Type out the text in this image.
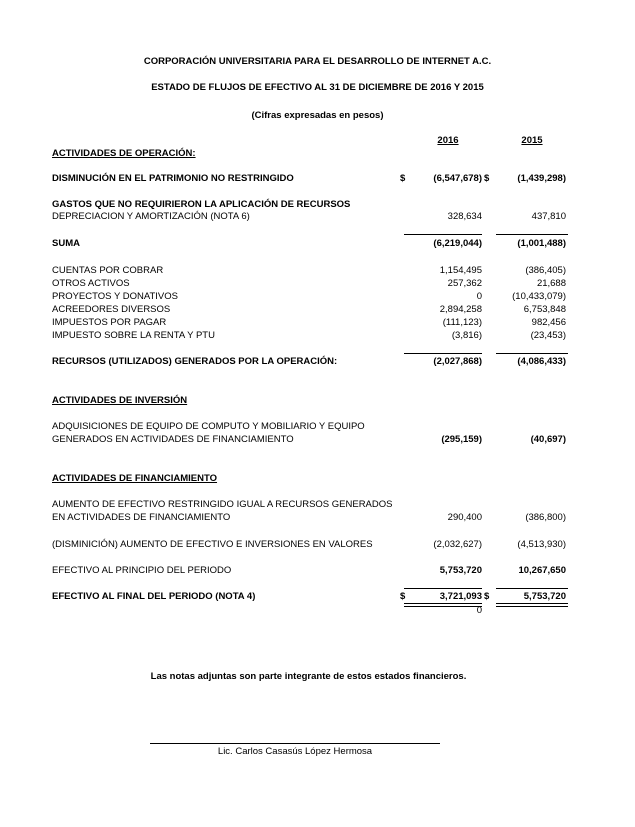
CORPORACIÓN UNIVERSITARIA PARA EL DESARROLLO DE INTERNET A.C.
ESTADO DE FLUJOS DE EFECTIVO AL 31 DE DICIEMBRE DE 2016 Y 2015
(Cifras expresadas en pesos)
2016	2015
ACTIVIDADES DE OPERACIÓN:
DISMINUCIÓN EN EL PATRIMONIO NO RESTRINGIDO	$	(6,547,678) $	(1,439,298)
GASTOS QUE NO REQUIRIERON LA APLICACIÓN DE RECURSOS
DEPRECIACION Y AMORTIZACIÓN (NOTA 6)	328,634	437,810
SUMA	(6,219,044)	(1,001,488)
CUENTAS POR COBRAR	1,154,495	(386,405)
OTROS ACTIVOS	257,362	21,688
PROYECTOS Y DONATIVOS	0	(10,433,079)
ACREEDORES DIVERSOS	2,894,258	6,753,848
IMPUESTOS POR PAGAR	(111,123)	982,456
IMPUESTO SOBRE LA RENTA Y PTU	(3,816)	(23,453)
RECURSOS (UTILIZADOS) GENERADOS POR LA OPERACIÓN:	(2,027,868)	(4,086,433)
ACTIVIDADES DE INVERSIÓN
ADQUISICIONES DE EQUIPO DE COMPUTO Y MOBILIARIO Y EQUIPO
GENERADOS EN ACTIVIDADES DE FINANCIAMIENTO	(295,159)	(40,697)
ACTIVIDADES DE FINANCIAMIENTO
AUMENTO DE EFECTIVO RESTRINGIDO IGUAL A RECURSOS GENERADOS
EN ACTIVIDADES DE FINANCIAMIENTO	290,400	(386,800)
(DISMINICIÓN) AUMENTO DE EFECTIVO E INVERSIONES EN VALORES	(2,032,627)	(4,513,930)
EFECTIVO AL PRINCIPIO DEL PERIODO	5,753,720	10,267,650
EFECTIVO AL FINAL DEL PERIODO (NOTA 4)	$	3,721,093 $	5,753,720
0
Las notas adjuntas son parte integrante de estos estados financieros.
Lic. Carlos Casasús López Hermosa
